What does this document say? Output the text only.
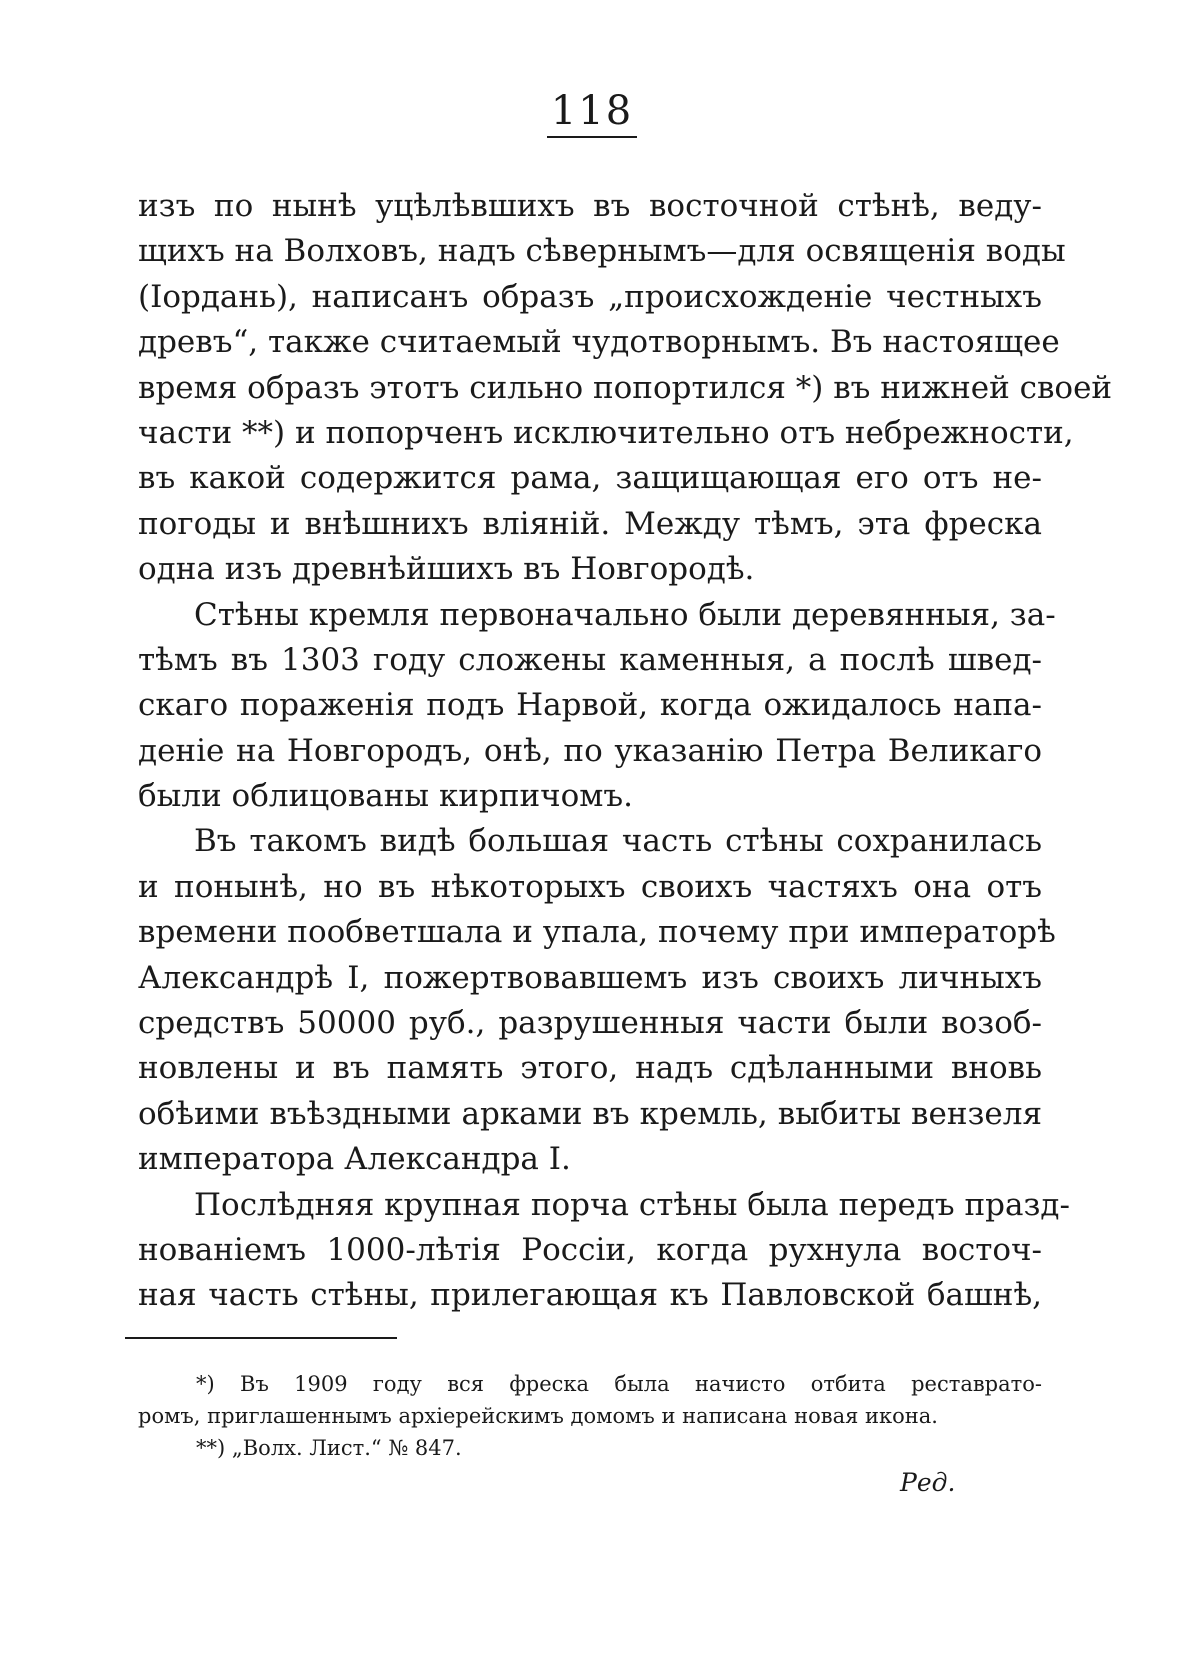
118
изъ по нынѣ уцѣлѣвшихъ въ восточной стѣнѣ, веду-
щихъ на Волховъ, надъ сѣвернымъ—для освященія воды
(Іордань), написанъ образъ „происхожденіе честныхъ
древъ“, также считаемый чудотворнымъ. Въ настоящее
время образъ этотъ сильно попортился *) въ нижней своей
части **) и попорченъ исключительно отъ небрежности,
въ какой содержится рама, защищающая его отъ не-
погоды и внѣшнихъ вліяній. Между тѣмъ, эта фреска
одна изъ древнѣйшихъ въ Новгородѣ.
Стѣны кремля первоначально были деревянныя, за-
тѣмъ въ 1303 году сложены каменныя, а послѣ швед-
скаго пораженія подъ Нарвой, когда ожидалось напа-
деніе на Новгородъ, онѣ, по указанію Петра Великаго
были облицованы кирпичомъ.
Въ такомъ видѣ большая часть стѣны сохранилась
и понынѣ, но въ нѣкоторыхъ своихъ частяхъ она отъ
времени пообветшала и упала, почему при императорѣ
Александрѣ I, пожертвовавшемъ изъ своихъ личныхъ
средствъ 50000 руб., разрушенныя части были возоб-
новлены и въ память этого, надъ сдѣланными вновь
обѣими въѣздными арками въ кремль, выбиты вензеля
императора Александра I.
Послѣдняя крупная порча стѣны была передъ празд-
нованіемъ 1000-лѣтія Россіи, когда рухнула восточ-
ная часть стѣны, прилегающая къ Павловской башнѣ,
*) Въ 1909 году вся фреска была начисто отбита реставрато-
ромъ, приглашеннымъ архіерейскимъ домомъ и написана новая икона.
**) „Волх. Лист.“ № 847.
Ред.
